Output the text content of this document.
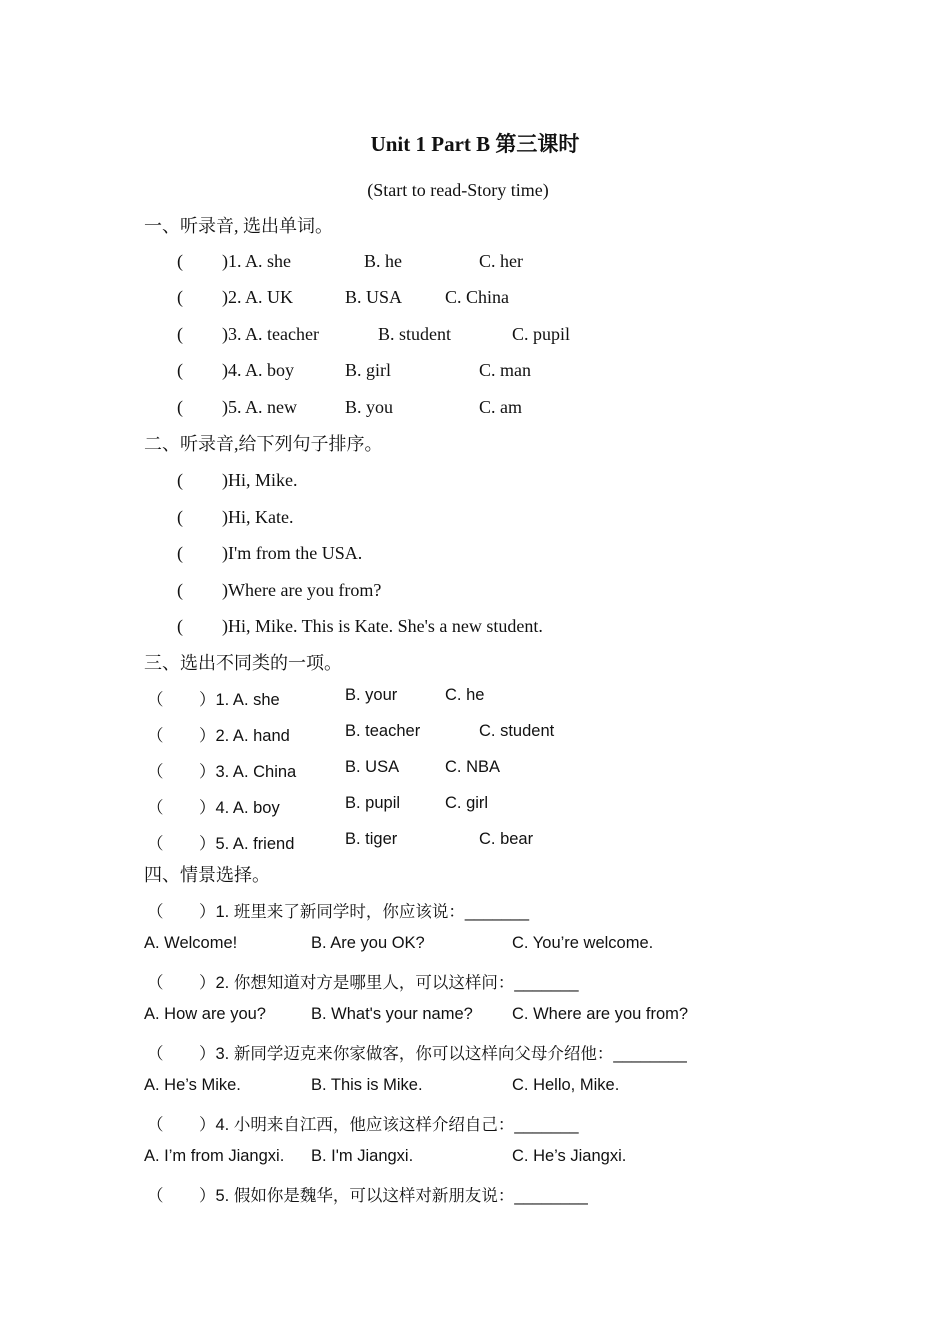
Unit 1 Part B 第三课时
(Start to read-Story time)
一、听录音, 选出单词。
( )1. A. she	B. he	C. her
( )2. A. UK	B. USA C. China
( )3. A. teacher	B. student	C. pupil
( )4. A. boy	B. girl	C. man
( )5. A. new	B. you	C. am
二、听录音,给下列句子排序。
( )Hi, Mike.
( )Hi, Kate.
( )I'm from the USA.
( )Where are you from?
( )Hi, Mike. This is Kate. She's a new student.
三、选出不同类的一项。
（ ）1. A. she	B. your	C. he
（ ）2. A. hand	B. teacher	C. student
（ ）3. A. China	B. USA	C. NBA
（ ）4. A. boy	B. pupil	C. girl
（ ）5. A. friend	B. tiger	C. bear
四、情景选择。
（ ）1. 班里来了新同学时，你应该说：_______
A. Welcome!	B. Are you OK?	C. You’re welcome.
（ ）2. 你想知道对方是哪里人，可以这样问：_______
A. How are you?	B. What's your name? C. Where are you from?
（ ）3. 新同学迈克来你家做客，你可以这样向父母介绍他：________
A. He’s Mike.	B. This is Mike.	C. Hello, Mike.
（ ）4. 小明来自江西，他应该这样介绍自己：_______
A. I’m from Jiangxi. B. I'm Jiangxi.	C. He’s Jiangxi.
（ ）5. 假如你是魏华，可以这样对新朋友说：________
